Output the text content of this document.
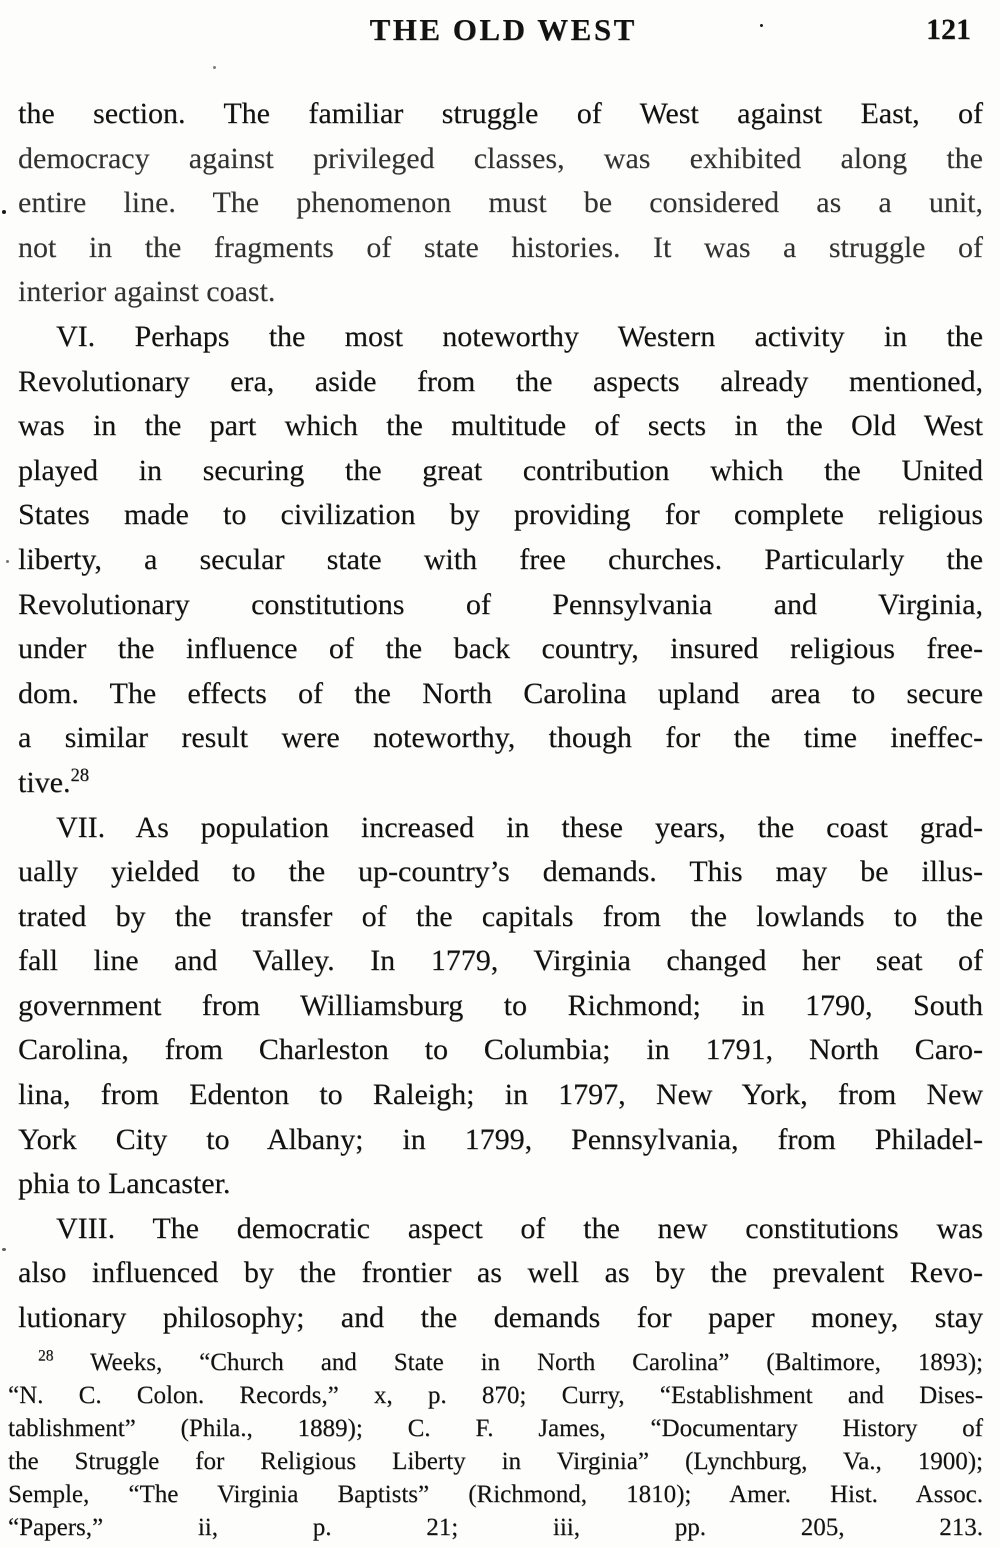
THE OLD WEST	121
the section. The familiar struggle of West against East, of
democracy against privileged classes, was exhibited along the
entire line. The phenomenon must be considered as a unit,
not in the fragments of state histories. It was a struggle of
interior against coast.
VI. Perhaps the most noteworthy Western activity in the
Revolutionary era, aside from the aspects already mentioned,
was in the part which the multitude of sects in the Old West
played in securing the great contribution which the United
States made to civilization by providing for complete religious
liberty, a secular state with free churches. Particularly the
Revolutionary constitutions of Pennsylvania and Virginia,
under the influence of the back country, insured religious free-
dom. The effects of the North Carolina upland area to secure
a similar result were noteworthy, though for the time ineffec-
tive.$^{28}$
VII. As population increased in these years, the coast grad-
ually yielded to the up-country’s demands. This may be illus-
trated by the transfer of the capitals from the lowlands to the
fall line and Valley. In 1779, Virginia changed her seat of
government from Williamsburg to Richmond; in 1790, South
Carolina, from Charleston to Columbia; in 1791, North Caro-
lina, from Edenton to Raleigh; in 1797, New York, from New
York City to Albany; in 1799, Pennsylvania, from Philadel-
phia to Lancaster.
VIII. The democratic aspect of the new constitutions was
also influenced by the frontier as well as by the prevalent Revo-
lutionary philosophy; and the demands for paper money, stay
$^{28}$ Weeks, “Church and State in North Carolina” (Baltimore, 1893);
“N. C. Colon. Records,” x, p. 870; Curry, “Establishment and Dises-
tablishment” (Phila., 1889); C. F. James, “Documentary History of
the Struggle for Religious Liberty in Virginia” (Lynchburg, Va., 1900);
Semple, “The Virginia Baptists” (Richmond, 1810); Amer. Hist. Assoc.
“Papers,” ii, p. 21; iii, pp. 205, 213.
